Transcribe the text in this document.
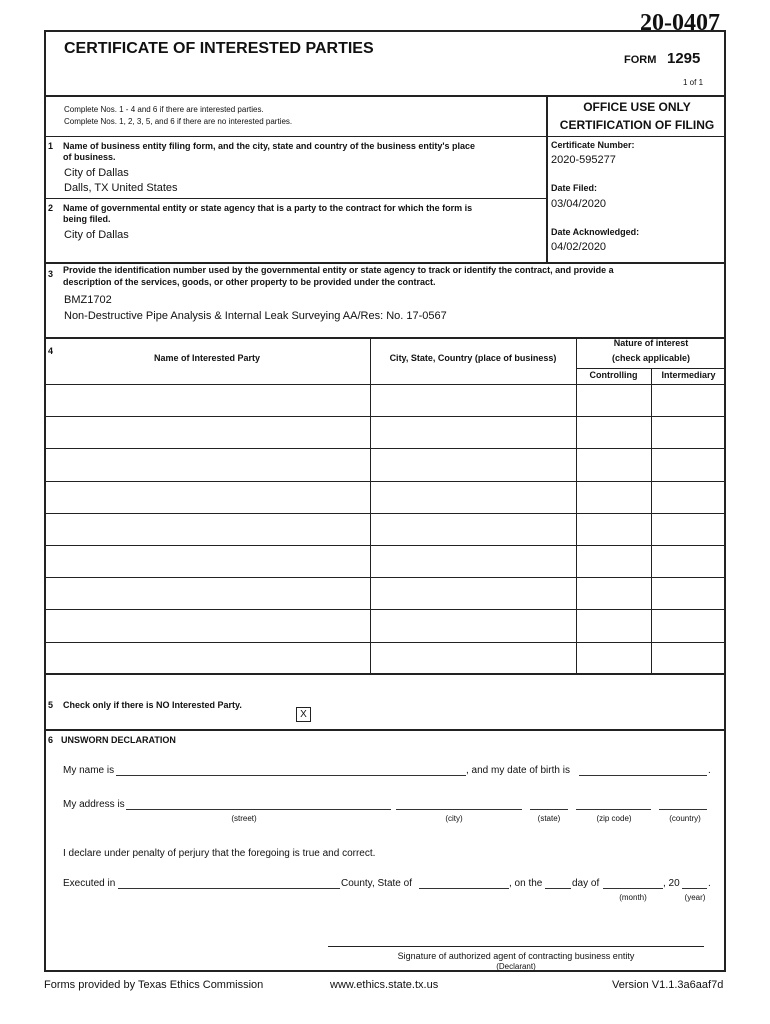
20-0407
CERTIFICATE OF INTERESTED PARTIES
FORM 1295
1 of 1
Complete Nos. 1 - 4 and 6 if there are interested parties.
Complete Nos. 1, 2, 3, 5, and 6 if there are no interested parties.
OFFICE USE ONLY
CERTIFICATION OF FILING
Certificate Number:
2020-595277
Date Filed:
03/04/2020
Date Acknowledged:
04/02/2020
1 Name of business entity filing form, and the city, state and country of the business entity's place
of business.
City of Dallas
Dalls, TX United States
2 Name of governmental entity or state agency that is a party to the contract for which the form is
being filed.
City of Dallas
3 Provide the identification number used by the governmental entity or state agency to track or identify the contract, and provide a
description of the services, goods, or other property to be provided under the contract.
BMZ1702
Non-Destructive Pipe Analysis & Internal Leak Surveying AA/Res: No. 17-0567
4
Name of Interested Party	City, State, Country (place of business)
Nature of interest
(check applicable)
Controlling	Intermediary
5 Check only if there is NO Interested Party.
X
6 UNSWORN DECLARATION
My name is	, and my date of birth is	.
My address is
(street)	(city)	(state)	(zip code)	(country)
I declare under penalty of perjury that the foregoing is true and correct.
Executed in	County, State of	, on the	day of	, 20	.
(month)	(year)
Signature of authorized agent of contracting business entity
(Declarant)
Forms provided by Texas Ethics Commission	www.ethics.state.tx.us	Version V1.1.3a6aaf7d
